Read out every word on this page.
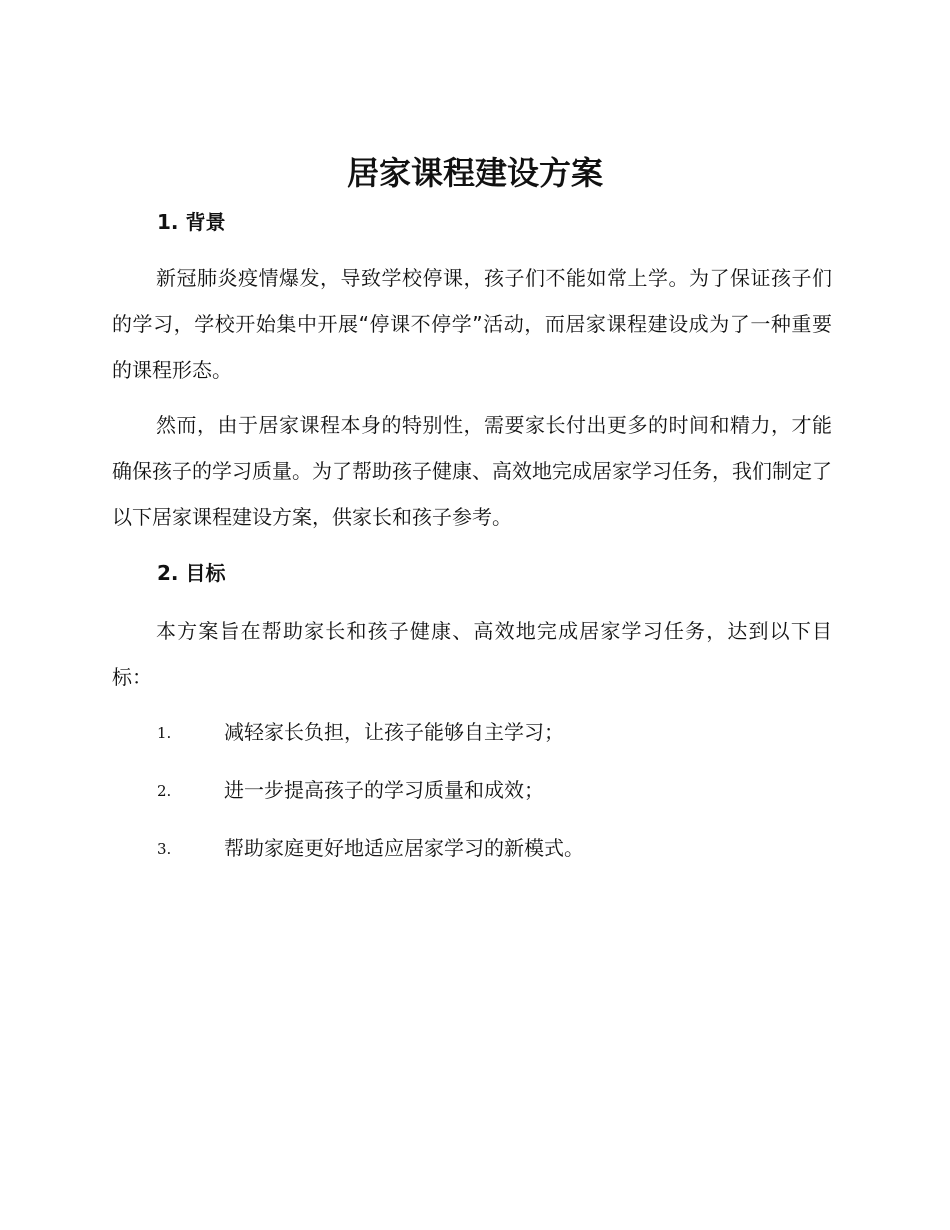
居家课程建设方案
1. 背景

新冠肺炎疫情爆发，导致学校停课，孩子们不能如常上学。为了保证孩子们的学习，学校开始集中开展“停课不停学”活动，而居家课程建设成为了一种重要的课程形态。

然而，由于居家课程本身的特别性，需要家长付出更多的时间和精力，才能确保孩子的学习质量。为了帮助孩子健康、高效地完成居家学习任务，我们制定了以下居家课程建设方案，供家长和孩子参考。

2. 目标

本方案旨在帮助家长和孩子健康、高效地完成居家学习任务，达到以下目标：

1.	减轻家长负担，让孩子能够自主学习；
2.	进一步提高孩子的学习质量和成效；
3.	帮助家庭更好地适应居家学习的新模式。
